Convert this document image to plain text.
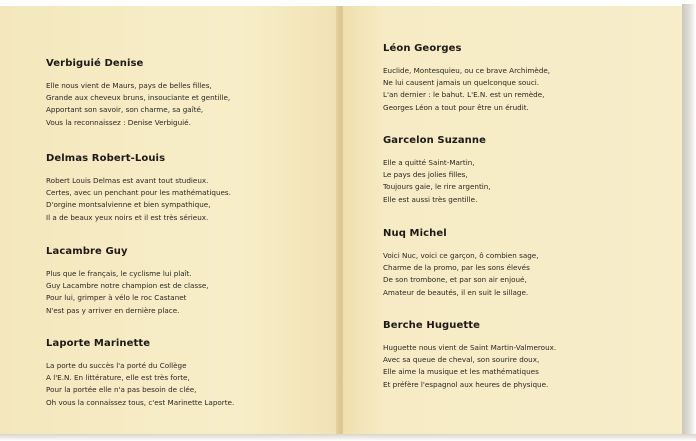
Verbiguié Denise
Elle nous vient de Maurs, pays de belles filles,
Grande aux cheveux bruns, insouciante et gentille,
Apportant son savoir, son charme, sa gaîté,
Vous la reconnaissez : Denise Verbiguié.
Delmas Robert-Louis
Robert Louis Delmas est avant tout studieux.
Certes, avec un penchant pour les mathématiques.
D'orgine montsalvienne et bien sympathique,
Il a de beaux yeux noirs et il est très sérieux.
Lacambre Guy
Plus que le français, le cyclisme lui plaît.
Guy Lacambre notre champion est de classe,
Pour lui, grimper à vélo le roc Castanet
N'est pas y arriver en dernière place.
Laporte Marinette
La porte du succès l'a porté du Collège
A l'E.N. En littérature, elle est très forte,
Pour la portée elle n'a pas besoin de clée,
Oh vous la connaissez tous, c'est Marinette Laporte.
Léon Georges
Euclide, Montesquieu, ou ce brave Archimède,
Ne lui causent jamais un quelconque souci.
L'an dernier : le bahut. L'E.N. est un remède,
Georges Léon a tout pour être un érudit.
Garcelon Suzanne
Elle a quitté Saint-Martin,
Le pays des jolies filles,
Toujours gaie, le rire argentin,
Elle est aussi très gentille.
Nuq Michel
Voici Nuc, voici ce garçon, ô combien sage,
Charme de la promo, par les sons élevés
De son trombone, et par son air enjoué,
Amateur de beautés, il en suit le sillage.
Berche Huguette
Huguette nous vient de Saint Martin-Valmeroux.
Avec sa queue de cheval, son sourire doux,
Elle aime la musique et les mathématiques
Et préfère l'espagnol aux heures de physique.
